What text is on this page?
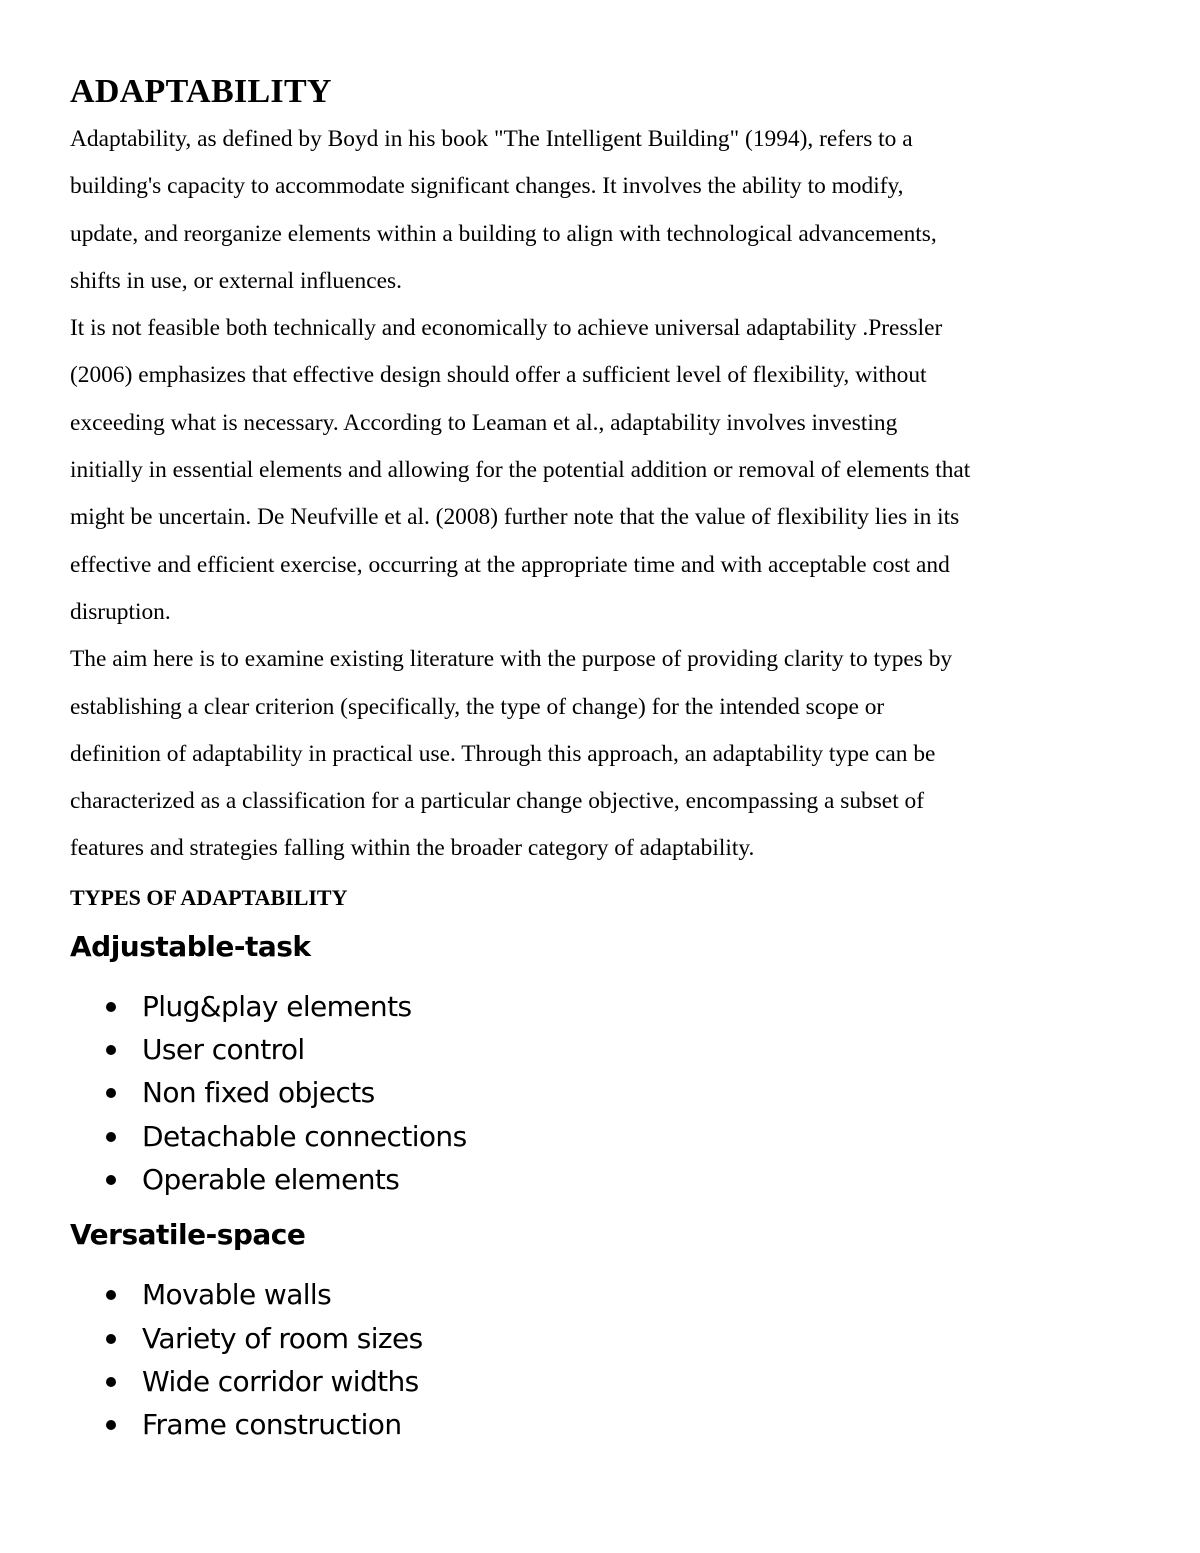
ADAPTABILITY

Adaptability, as defined by Boyd in his book "The Intelligent Building" (1994), refers to a
building's capacity to accommodate significant changes. It involves the ability to modify,
update, and reorganize elements within a building to align with technological advancements,
shifts in use, or external influences.

It is not feasible both technically and economically to achieve universal adaptability .Pressler
(2006) emphasizes that effective design should offer a sufficient level of flexibility, without
exceeding what is necessary. According to Leaman et al., adaptability involves investing
initially in essential elements and allowing for the potential addition or removal of elements that
might be uncertain. De Neufville et al. (2008) further note that the value of flexibility lies in its
effective and efficient exercise, occurring at the appropriate time and with acceptable cost and
disruption.

The aim here is to examine existing literature with the purpose of providing clarity to types by
establishing a clear criterion (specifically, the type of change) for the intended scope or
definition of adaptability in practical use. Through this approach, an adaptability type can be
characterized as a classification for a particular change objective, encompassing a subset of
features and strategies falling within the broader category of adaptability.

TYPES OF ADAPTABILITY
Adjustable-task
Plug&play elements
User control
Non fixed objects
Detachable connections
Operable elements
Versatile-space
Movable walls
Variety of room sizes
Wide corridor widths
Frame construction
